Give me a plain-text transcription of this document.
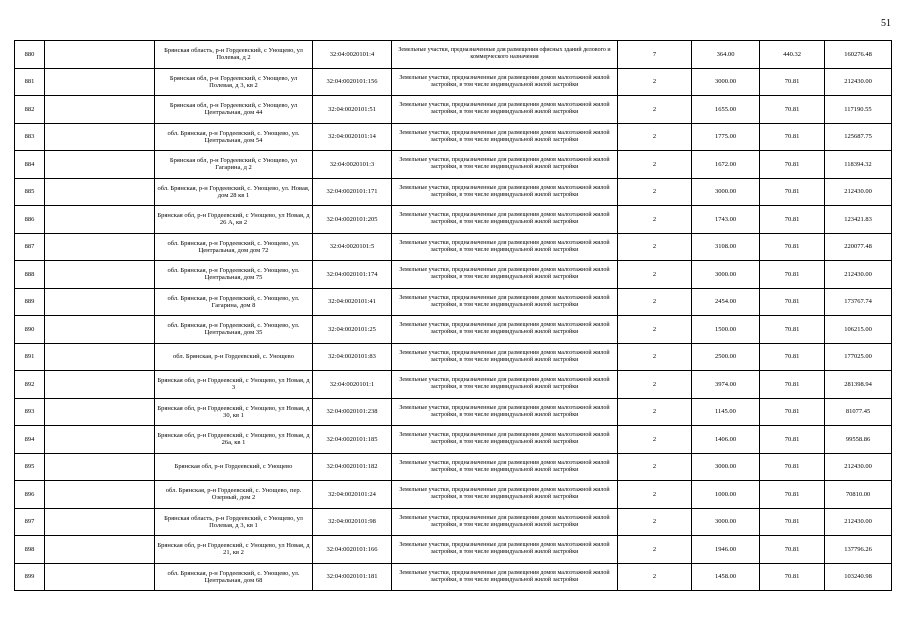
51
880		Брянская область, р-н Гордеевский, с Унощево, ул Полевая, д 2	32:04:0020101:4	Земельные участки, предназначенные для размещения офисных зданий делового и коммерческого назначения	7	364.00	440.32	160276.48
881		Брянская обл, р-н Гордеевский, с Унощево, ул Полевая, д 3, кв 2	32:04:0020101:156	Земельные участки, предназначенные для размещения домов малоэтажной жилой застройки, в том числе индивидуальной жилой застройки	2	3000.00	70.81	212430.00
882		Брянская обл, р-н Гордеевский, с Унощево, ул Центральная, дом 44	32:04:0020101:51	Земельные участки, предназначенные для размещения домов малоэтажной жилой застройки, в том числе индивидуальной жилой застройки	2	1655.00	70.81	117190.55
883		обл. Брянская, р-н Гордеевский, с. Унощево, ул. Центральная, дом 54	32:04:0020101:14	Земельные участки, предназначенные для размещения домов малоэтажной жилой застройки, в том числе индивидуальной жилой застройки	2	1775.00	70.81	125687.75
884		Брянская обл, р-н Гордеевский, с Унощево, ул Гагарина, д 2	32:04:0020101:3	Земельные участки, предназначенные для размещения домов малоэтажной жилой застройки, в том числе индивидуальной жилой застройки	2	1672.00	70.81	118394.32
885		обл. Брянская, р-н Гордеевский, с. Унощево, ул. Новая, дом 28 кв 1	32:04:0020101:171	Земельные участки, предназначенные для размещения домов малоэтажной жилой застройки, в том числе индивидуальной жилой застройки	2	3000.00	70.81	212430.00
886		Брянская обл, р-н Гордеевский, с Унощево, ул Новая, д 26 А, кв 2	32:04:0020101:205	Земельные участки, предназначенные для размещения домов малоэтажной жилой застройки, в том числе индивидуальной жилой застройки	2	1743.00	70.81	123421.83
887		обл. Брянская, р-н Гордеевский, с. Унощево, ул. Центральная, дом дом 72	32:04:0020101:5	Земельные участки, предназначенные для размещения домов малоэтажной жилой застройки, в том числе индивидуальной жилой застройки	2	3108.00	70.81	220077.48
888		обл. Брянская, р-н Гордеевский, с. Унощево, ул. Центральная, дом 75	32:04:0020101:174	Земельные участки, предназначенные для размещения домов малоэтажной жилой застройки, в том числе индивидуальной жилой застройки	2	3000.00	70.81	212430.00
889		обл. Брянская, р-н Гордеевский, с. Унощево, ул. Гагарина, дом 8	32:04:0020101:41	Земельные участки, предназначенные для размещения домов малоэтажной жилой застройки, в том числе индивидуальной жилой застройки	2	2454.00	70.81	173767.74
890		обл. Брянская, р-н Гордеевский, с. Унощево, ул. Центральная, дом 35	32:04:0020101:25	Земельные участки, предназначенные для размещения домов малоэтажной жилой застройки, в том числе индивидуальной жилой застройки	2	1500.00	70.81	106215.00
891		обл. Брянская, р-н Гордеевский, с. Унощево	32:04:0020101:83	Земельные участки, предназначенные для размещения домов малоэтажной жилой застройки, в том числе индивидуальной жилой застройки	2	2500.00	70.81	177025.00
892		Брянская обл, р-н Гордеевский, с Унощево, ул Новая, д 3	32:04:0020101:1	Земельные участки, предназначенные для размещения домов малоэтажной жилой застройки, в том числе индивидуальной жилой застройки	2	3974.00	70.81	281398.94
893		Брянская обл, р-н Гордеевский, с Унощево, ул Новая, д 30, кв 1	32:04:0020101:238	Земельные участки, предназначенные для размещения домов малоэтажной жилой застройки, в том числе индивидуальной жилой застройки	2	1145.00	70.81	81077.45
894		Брянская обл, р-н Гордеевский, с Унощево, ул Новая, д 26а, кв 1	32:04:0020101:185	Земельные участки, предназначенные для размещения домов малоэтажной жилой застройки, в том числе индивидуальной жилой застройки	2	1406.00	70.81	99558.86
895		Брянская обл, р-н Гордеевский, с Унощево	32:04:0020101:182	Земельные участки, предназначенные для размещения домов малоэтажной жилой застройки, в том числе индивидуальной жилой застройки	2	3000.00	70.81	212430.00
896		обл. Брянская, р-н Гордеевский, с. Унощево, пер. Озерный, дом 2	32:04:0020101:24	Земельные участки, предназначенные для размещения домов малоэтажной жилой застройки, в том числе индивидуальной жилой застройки	2	1000.00	70.81	70810.00
897		Брянская область, р-н Гордеевский, с Унощево, ул Полевая, д 3, кв 1	32:04:0020101:98	Земельные участки, предназначенные для размещения домов малоэтажной жилой застройки, в том числе индивидуальной жилой застройки	2	3000.00	70.81	212430.00
898		Брянская обл, р-н Гордеевский, с Унощево, ул Новая, д 21, кв 2	32:04:0020101:166	Земельные участки, предназначенные для размещения домов малоэтажной жилой застройки, в том числе индивидуальной жилой застройки	2	1946.00	70.81	137796.26
899		обл. Брянская, р-н Гордеевский, с. Унощево, ул. Центральная, дом 68	32:04:0020101:181	Земельные участки, предназначенные для размещения домов малоэтажной жилой застройки, в том числе индивидуальной жилой застройки	2	1458.00	70.81	103240.98
